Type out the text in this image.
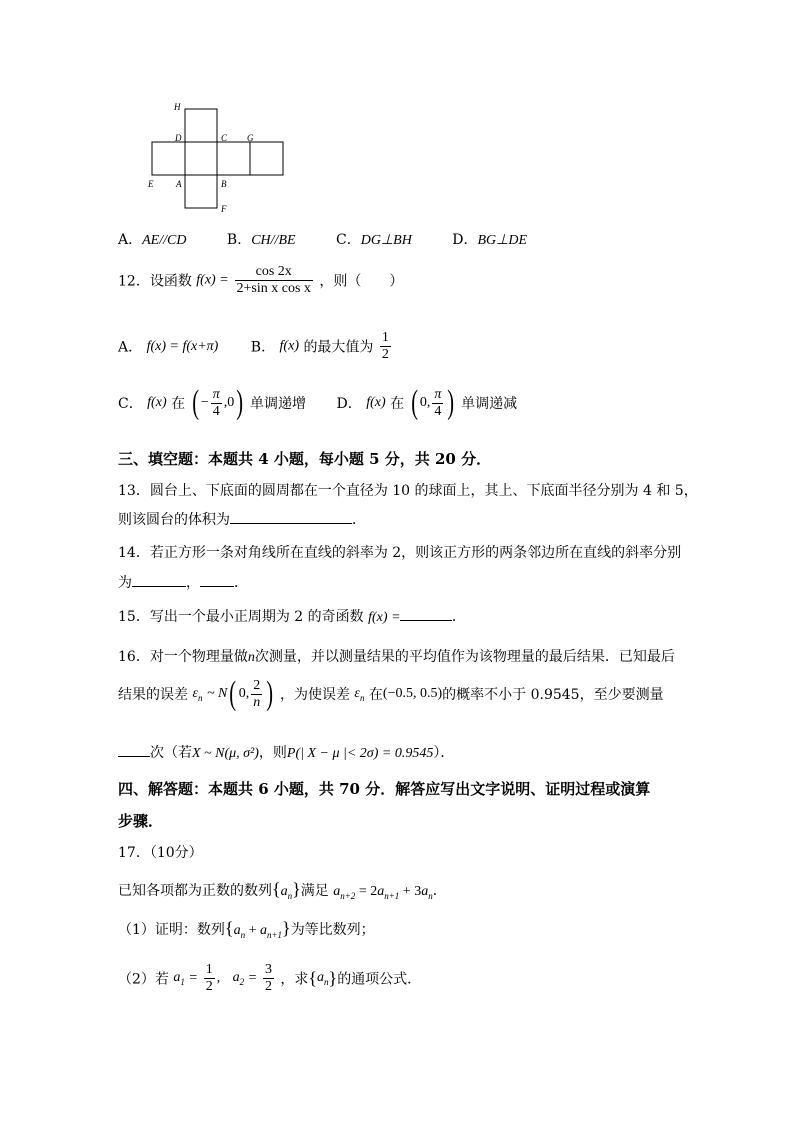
H
D	C G
E	A	B
F
A．AE//CD	B．CH//BE	C．DG⊥BH	D．BG⊥DE
12．设函数 $f(x) = \frac{\cos 2x}{\text{2+sin x cos x}}$ ，则（　　）
A． f(x) = f(x+π) B． f(x) 的最大值为 $\frac{1}{2}$
C． f(x) 在 ( − $\frac{\pi}{4} ,0$) 单调递增 D． f(x) 在 ( 0, $\frac{\pi}{4}$ ) 单调递减
三、填空题：本题共 4 小题，每小题 5 分，共 20 分．
13．圆台上、下底面的圆周都在一个直径为 10 的球面上，其上、下底面半径分别为 4 和 5，
则该圆台的体积为	．
14．若正方形一条对角线所在直线的斜率为 2，则该正方形的两条邻边所在直线的斜率分别
为	， ．
15．写出一个最小正周期为 2 的奇函数 f(x) =	．
16．对一个物理量做n次测量，并以测量结果的平均值作为该物理量的最后结果．已知最后
结果的误差 $\varepsilon_n$ ~ N( 0, $\frac{2}{n}$ ) ，为使误差 $\varepsilon_n$ 在(−0.5, 0.5)的概率不小于 0.9545，至少要测量
次（若X ~ N(μ, σ²)，则P(| X − μ |< 2σ) = 0.9545）．
四、解答题：本题共 6 小题，共 70 分．解答应写出文字说明、证明过程或演算
步骤．
17．（10分）
已知各项都为正数的数列$\{a_n\}$满足 $a_{n+2} = 2a_{n+1} + 3a_n$．
（1）证明：数列$\{a_n + a_{n+1}\}$为等比数列；
（2）若 $a_1 = \frac{1}{2}$ , $a_2 = \frac{3}{2}$ ，求$\{a_n\}$的通项公式．
